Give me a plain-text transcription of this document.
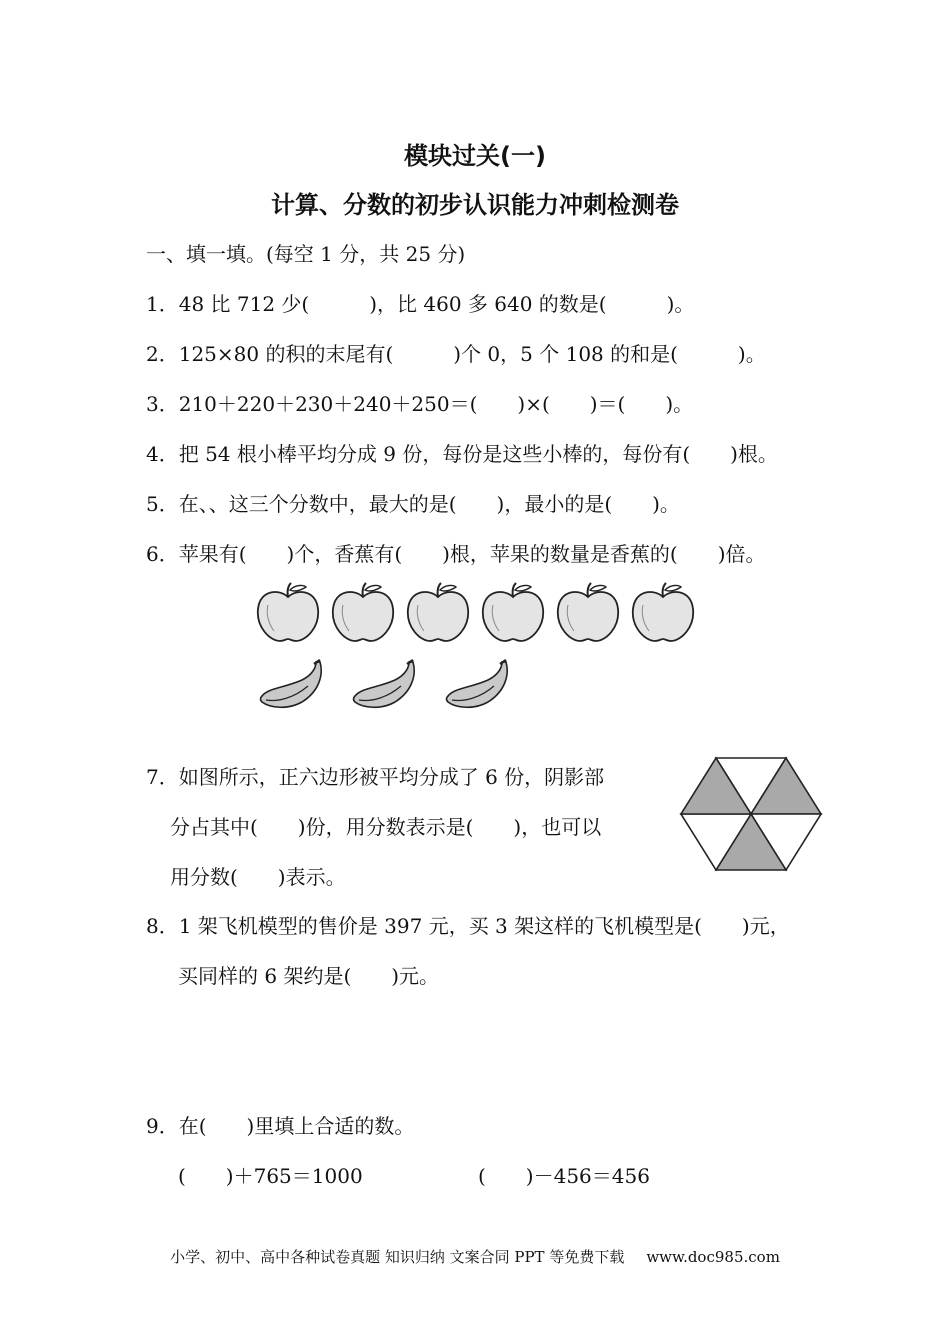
模块过关(一)
计算、分数的初步认识能力冲刺检测卷
一、填一填。(每空 1 分，共 25 分)
1．48 比 712 少(　　　)，比 460 多 640 的数是(　　　)。
2．125×80 的积的末尾有(　　　)个 0，5 个 108 的和是(　　　)。
3．210＋220＋230＋240＋250＝(　　)×(　　)＝(　　)。
4．把 54 根小棒平均分成 9 份，每份是这些小棒的，每份有(　　)根。
5．在、、这三个分数中，最大的是(　　)，最小的是(　　)。
6．苹果有(　　)个，香蕉有(　　)根，苹果的数量是香蕉的(　　)倍。
7．如图所示，正六边形被平均分成了 6 份，阴影部
分占其中(　　)份，用分数表示是(　　)，也可以
用分数(　　)表示。
8．1 架飞机模型的售价是 397 元，买 3 架这样的飞机模型是(　　)元，
买同样的 6 架约是(　　)元。
9．在(　　)里填上合适的数。
(　　)＋765＝1000	(　　)－456＝456
小学、初中、高中各种试卷真题 知识归纳 文案合同 PPT 等免费下载 www.doc985.com
